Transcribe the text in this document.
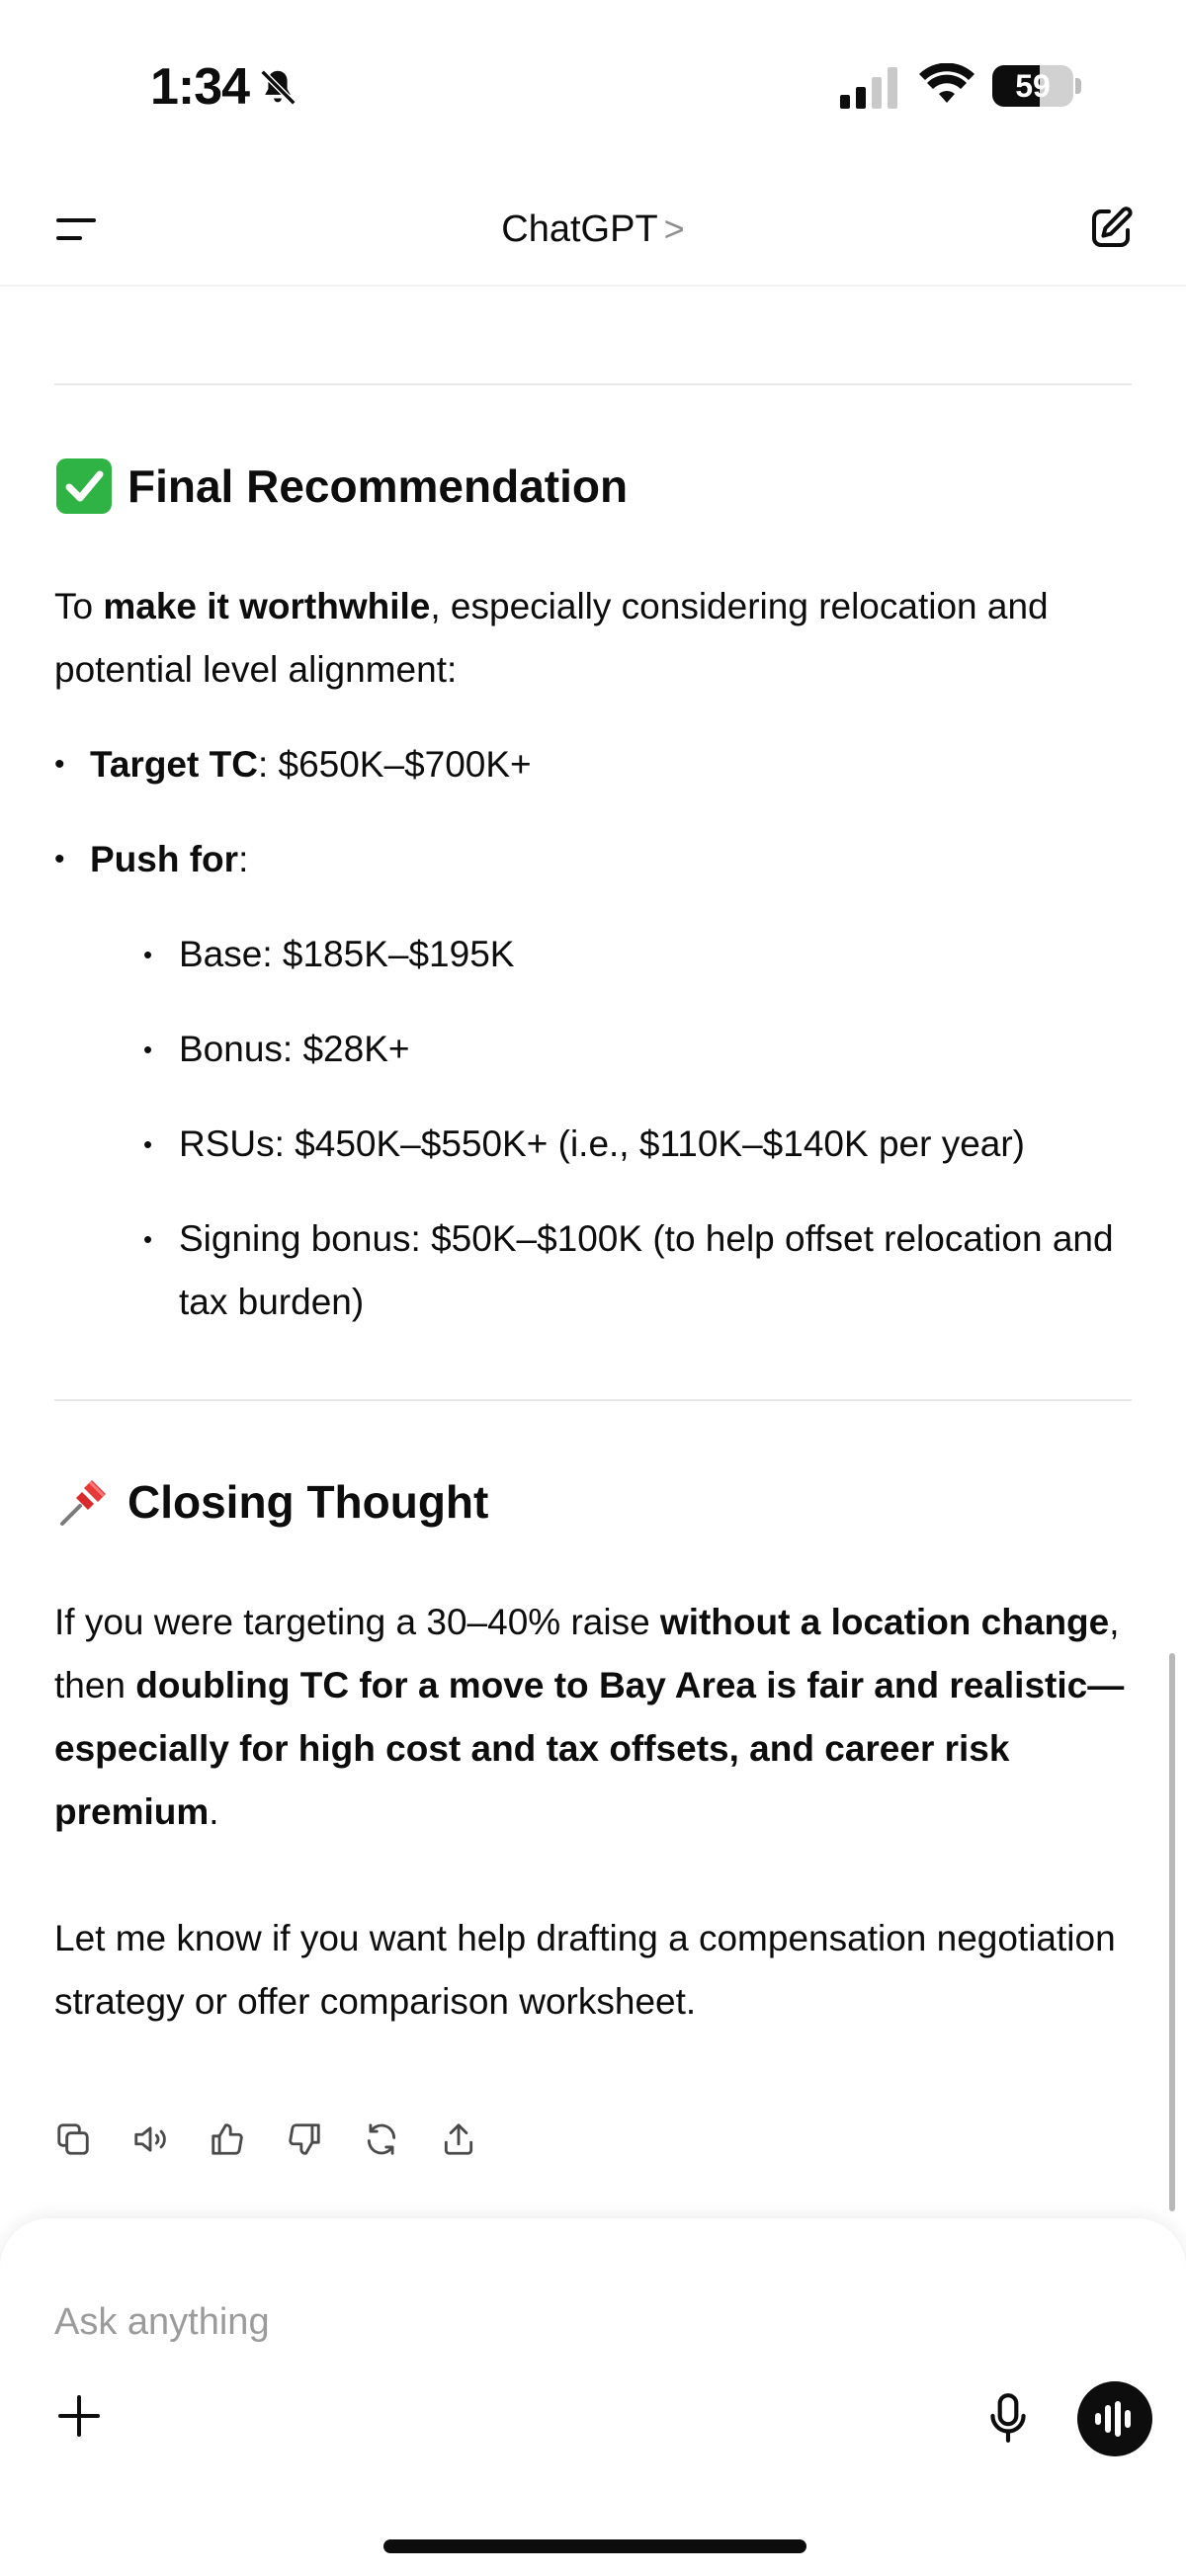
1:34	59
ChatGPT >
Final Recommendation

To make it worthwhile, especially considering relocation and potential level alignment:

• Target TC: $650K–$700K+
• Push for:
• Base: $185K–$195K
• Bonus: $28K+
• RSUs: $450K–$550K+ (i.e., $110K–$140K per year)
• Signing bonus: $50K–$100K (to help offset relocation and tax burden)
Closing Thought

If you were targeting a 30–40% raise without a location change, then doubling TC for a move to Bay Area is fair and realistic—especially for high cost and tax offsets, and career risk premium.

Let me know if you want help drafting a compensation negotiation strategy or offer comparison worksheet.

Ask anything
